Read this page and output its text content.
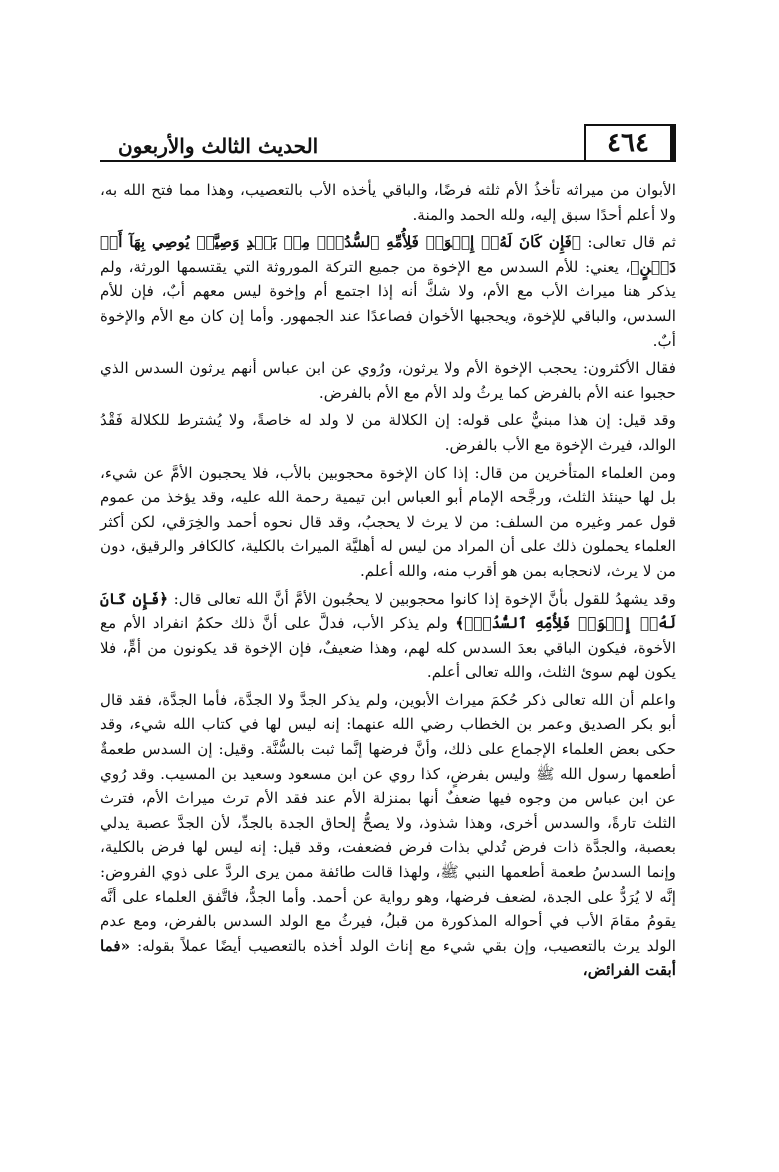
٤٦٤
الحديث الثالث والأربعون

الأبوان من ميراثه تأخذُ الأم ثلثه فرضًا، والباقي يأخذه الأب بالتعصيب، وهذا مما فتح الله به، ولا أعلم أحدًا سبق إليه، ولله الحمد والمنة.

ثم قال تعالى: ﴿فَإِن كَانَ لَهُۥٓ إِخۡوَةٞ فَلِأُمِّهِ ٱلسُّدُسُۚ مِنۢ بَعۡدِ وَصِيَّةٖ يُوصِي بِهَآ أَوۡ دَيۡنٍ﴾، يعني: للأم السدس مع الإخوة من جميع التركة الموروثة التي يقتسمها الورثة، ولم يذكر هنا ميراث الأب مع الأم، ولا شكَّ أنه إذا اجتمع أم وإخوة ليس معهم أبٌ، فإن للأم السدس، والباقي للإخوة، ويحجبها الأخوان فصاعدًا عند الجمهور. وأما إن كان مع الأم والإخوة أبٌ.

فقال الأكثرون: يحجب الإخوة الأم ولا يرثون، ورُوي عن ابن عباس أنهم يرثون السدس الذي حجبوا عنه الأم بالفرض كما يرثُ ولد الأم مع الأم بالفرض.

وقد قيل: إن هذا مبنيٌّ على قوله: إن الكلالة من لا ولد له خاصةً، ولا يُشترط للكلالة فَقْدُ الوالد، فيرث الإخوة مع الأب بالفرض.

ومن العلماء المتأخرين من قال: إذا كان الإخوة محجوبين بالأب، فلا يحجبون الأمَّ عن شيء، بل لها حينئذ الثلث، ورجَّحه الإمام أبو العباس ابن تيمية رحمة الله عليه، وقد يؤخذ من عموم قول عمر وغيره من السلف: من لا يرث لا يحجبُ، وقد قال نحوه أحمد والخِرَقي، لكن أكثر العلماء يحملون ذلك على أن المراد من ليس له أهليَّة الميراث بالكلية، كالكافر والرقيق، دون من لا يرث، لانحجابه بمن هو أقرب منه، والله أعلم.

وقد يشهدُ للقول بأنَّ الإخوة إذا كانوا محجوبين لا يحجُبون الأمَّ أنَّ الله تعالى قال: ﴿فَإِن كَانَ لَهُۥٓ إِخۡوَةٞ فَلِأُمِّهِ ٱلسُّدُسُۚ﴾ ولم يذكر الأب، فدلَّ على أنَّ ذلك حكمُ انفراد الأم مع الأخوة، فيكون الباقي بعدَ السدس كله لهم، وهذا ضعيفٌ، فإن الإخوة قد يكونون من أمٍّ، فلا يكون لهم سوئ الثلث، والله تعالى أعلم.

واعلم أن الله تعالى ذكر حُكمَ ميراث الأبوين، ولم يذكر الجدَّ ولا الجدَّة، فأما الجدَّة، فقد قال أبو بكر الصديق وعمر بن الخطاب رضي الله عنهما: إنه ليس لها في كتاب الله شيء، وقد حكى بعض العلماء الإجماع على ذلك، وأنَّ فرضها إنَّما ثبت بالسُّنَّة. وقيل: إن السدس طعمةٌ أطعمها رسول الله ﷺ وليس بفرضٍ، كذا روي عن ابن مسعود وسعيد بن المسيب. وقد رُوي عن ابن عباس من وجوه فيها ضعفٌ أنها بمنزلة الأم عند فقد الأم ترث ميراث الأم، فترث الثلث تارةً، والسدس أخرى، وهذا شذوذ، ولا يصحُّ إلحاق الجدة بالجدِّ، لأن الجدَّ عصبة يدلي بعصبة، والجدَّة ذات فرض تُدلي بذات فرض فضعفت، وقد قيل: إنه ليس لها فرض بالكلية، وإنما السدسُ طعمة أطعمها النبي ﷺ، ولهذا قالت طائفة ممن يرى الردَّ على ذوي الفروض: إنَّه لا يُرَدُّ على الجدة، لضعف فرضها، وهو رواية عن أحمد. وأما الجدُّ، فاتَّفق العلماء على أنَّه يقومُ مقامَ الأب في أحواله المذكورة من قبلُ، فيرثُ مع الولد السدس بالفرض، ومع عدم الولد يرث بالتعصيب، وإن بقي شيء مع إناث الولد أخذه بالتعصيب أيضًا عملاً بقوله: «فما أبقت الفرائض،
